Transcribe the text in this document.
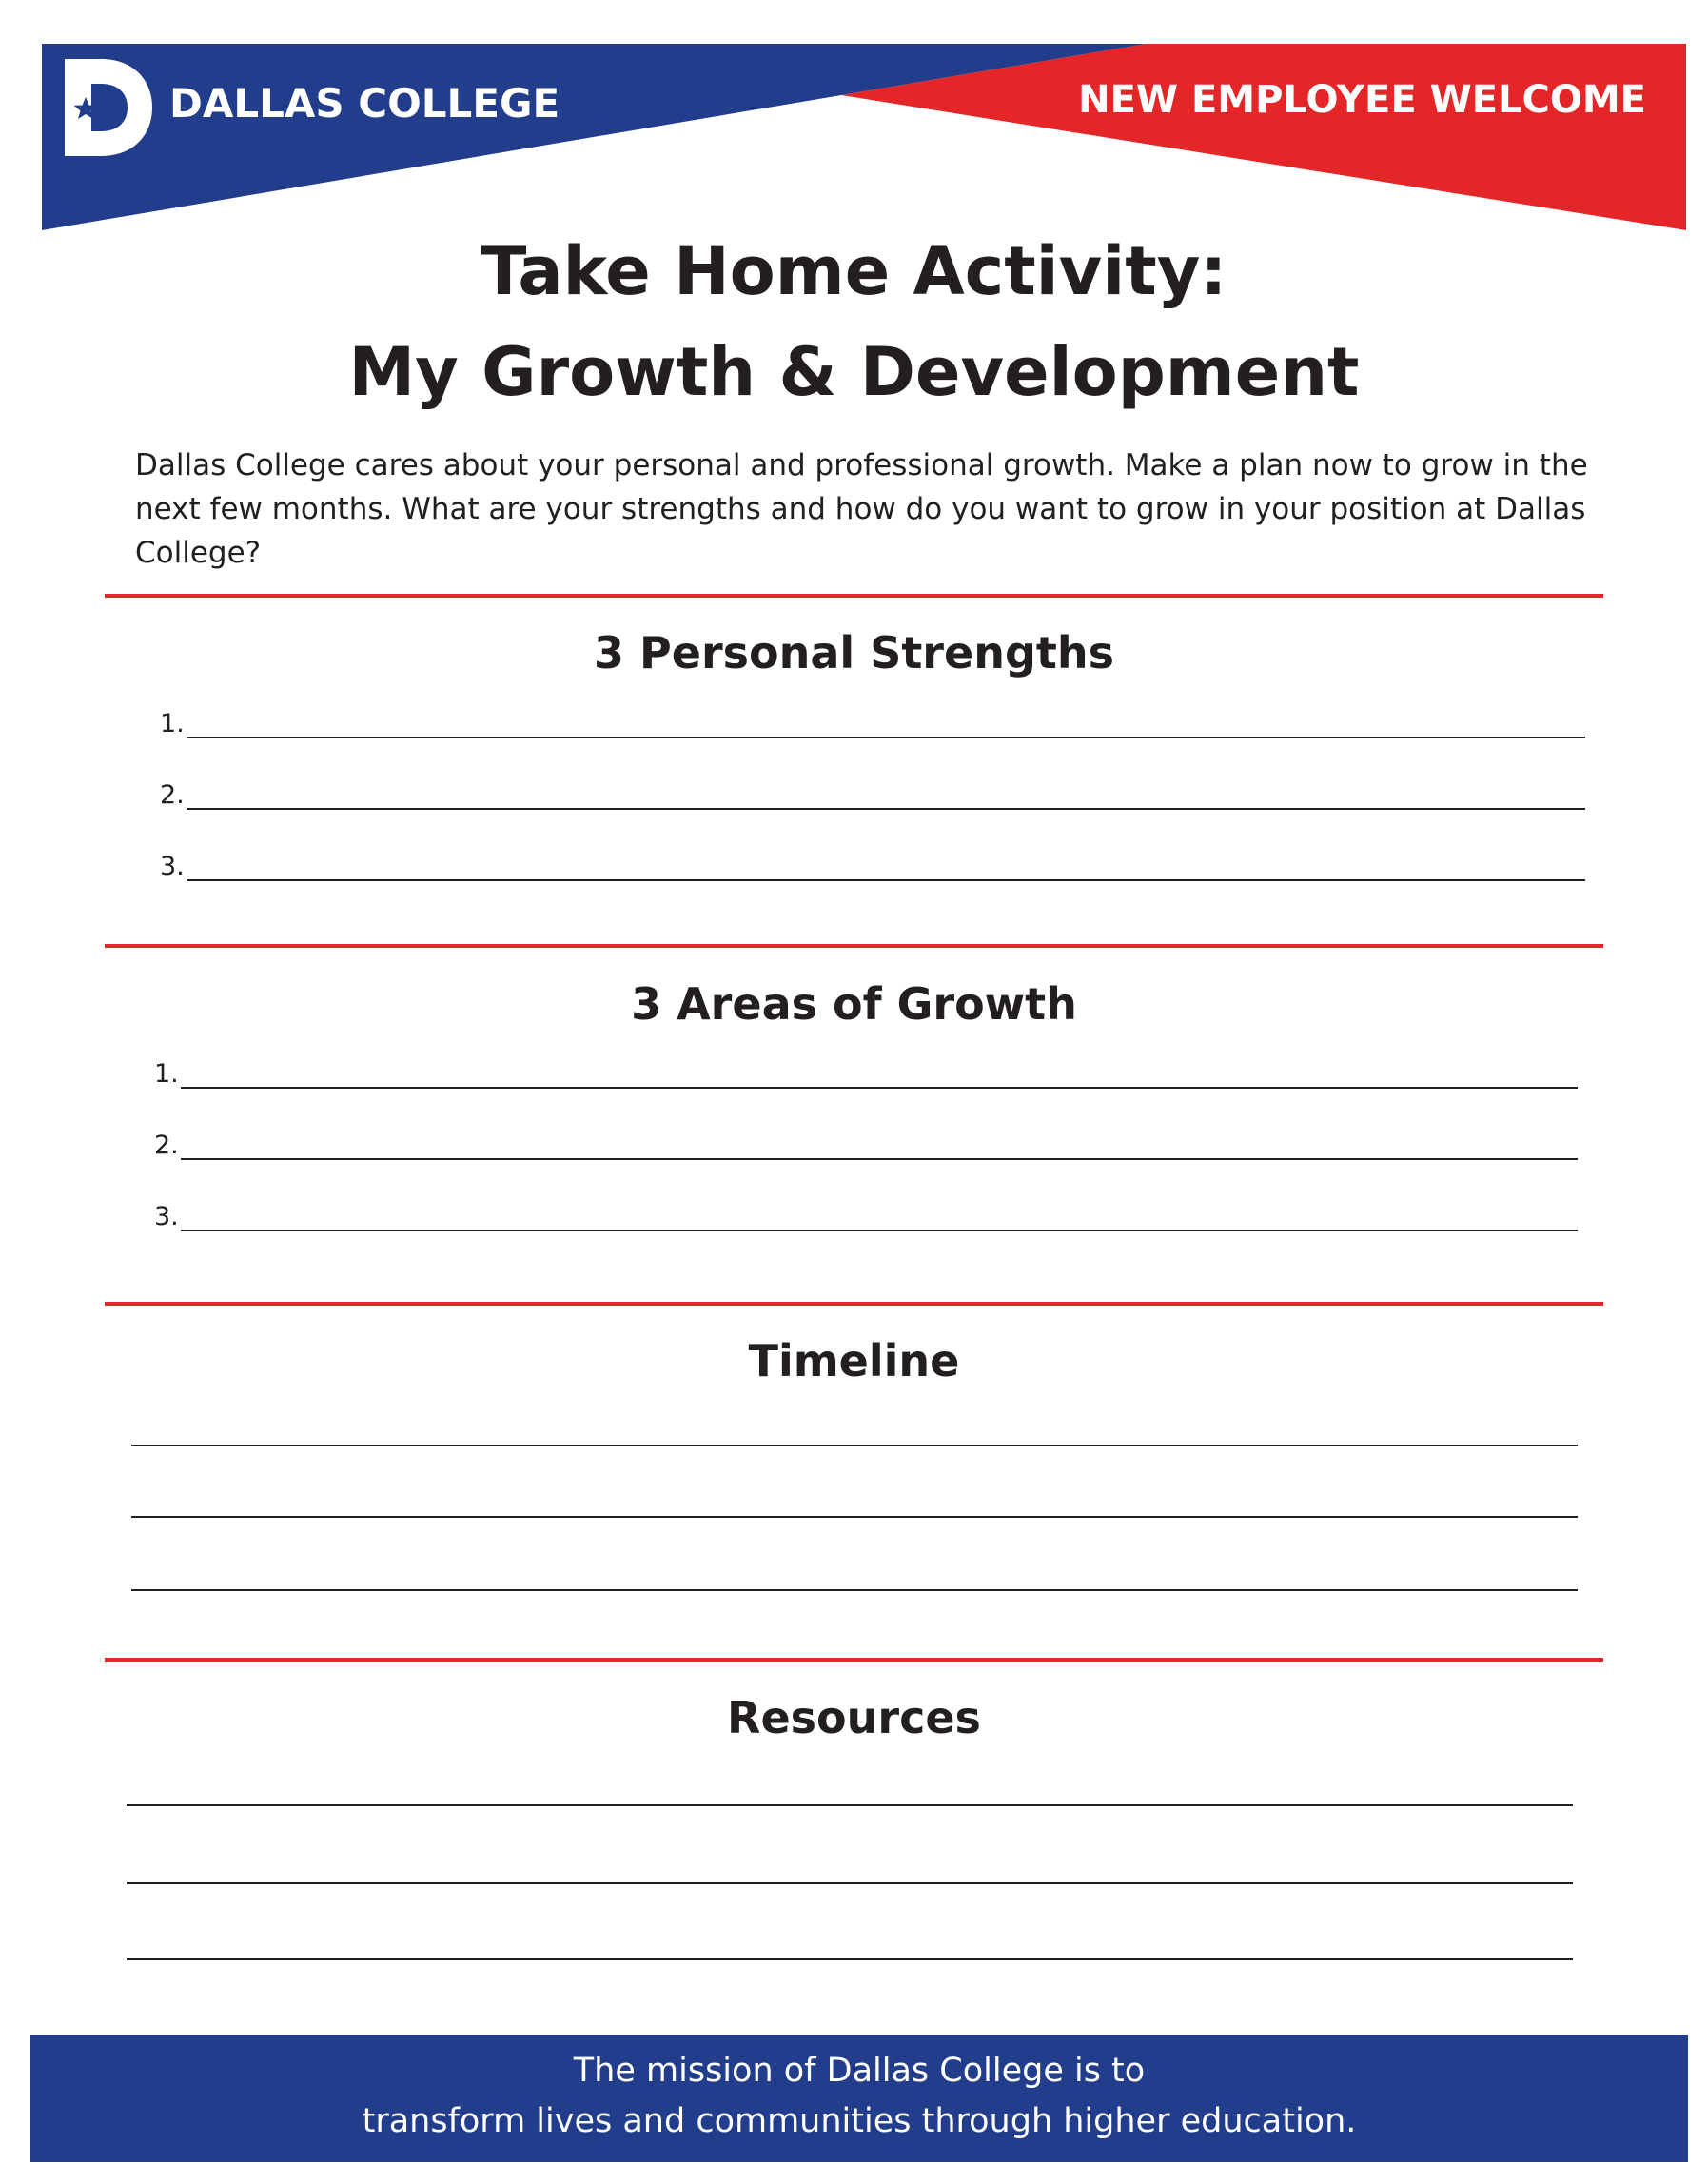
DALLAS COLLEGE	NEW EMPLOYEE WELCOME
Take Home Activity:
My Growth & Development
Dallas College cares about your personal and professional growth. Make a plan now to grow in the next few months. What are your strengths and how do you want to grow in your position at Dallas College?
3 Personal Strengths
1.
2.
3.
3 Areas of Growth
1.
2.
3.
Timeline
Resources
The mission of Dallas College is to
transform lives and communities through higher education.
